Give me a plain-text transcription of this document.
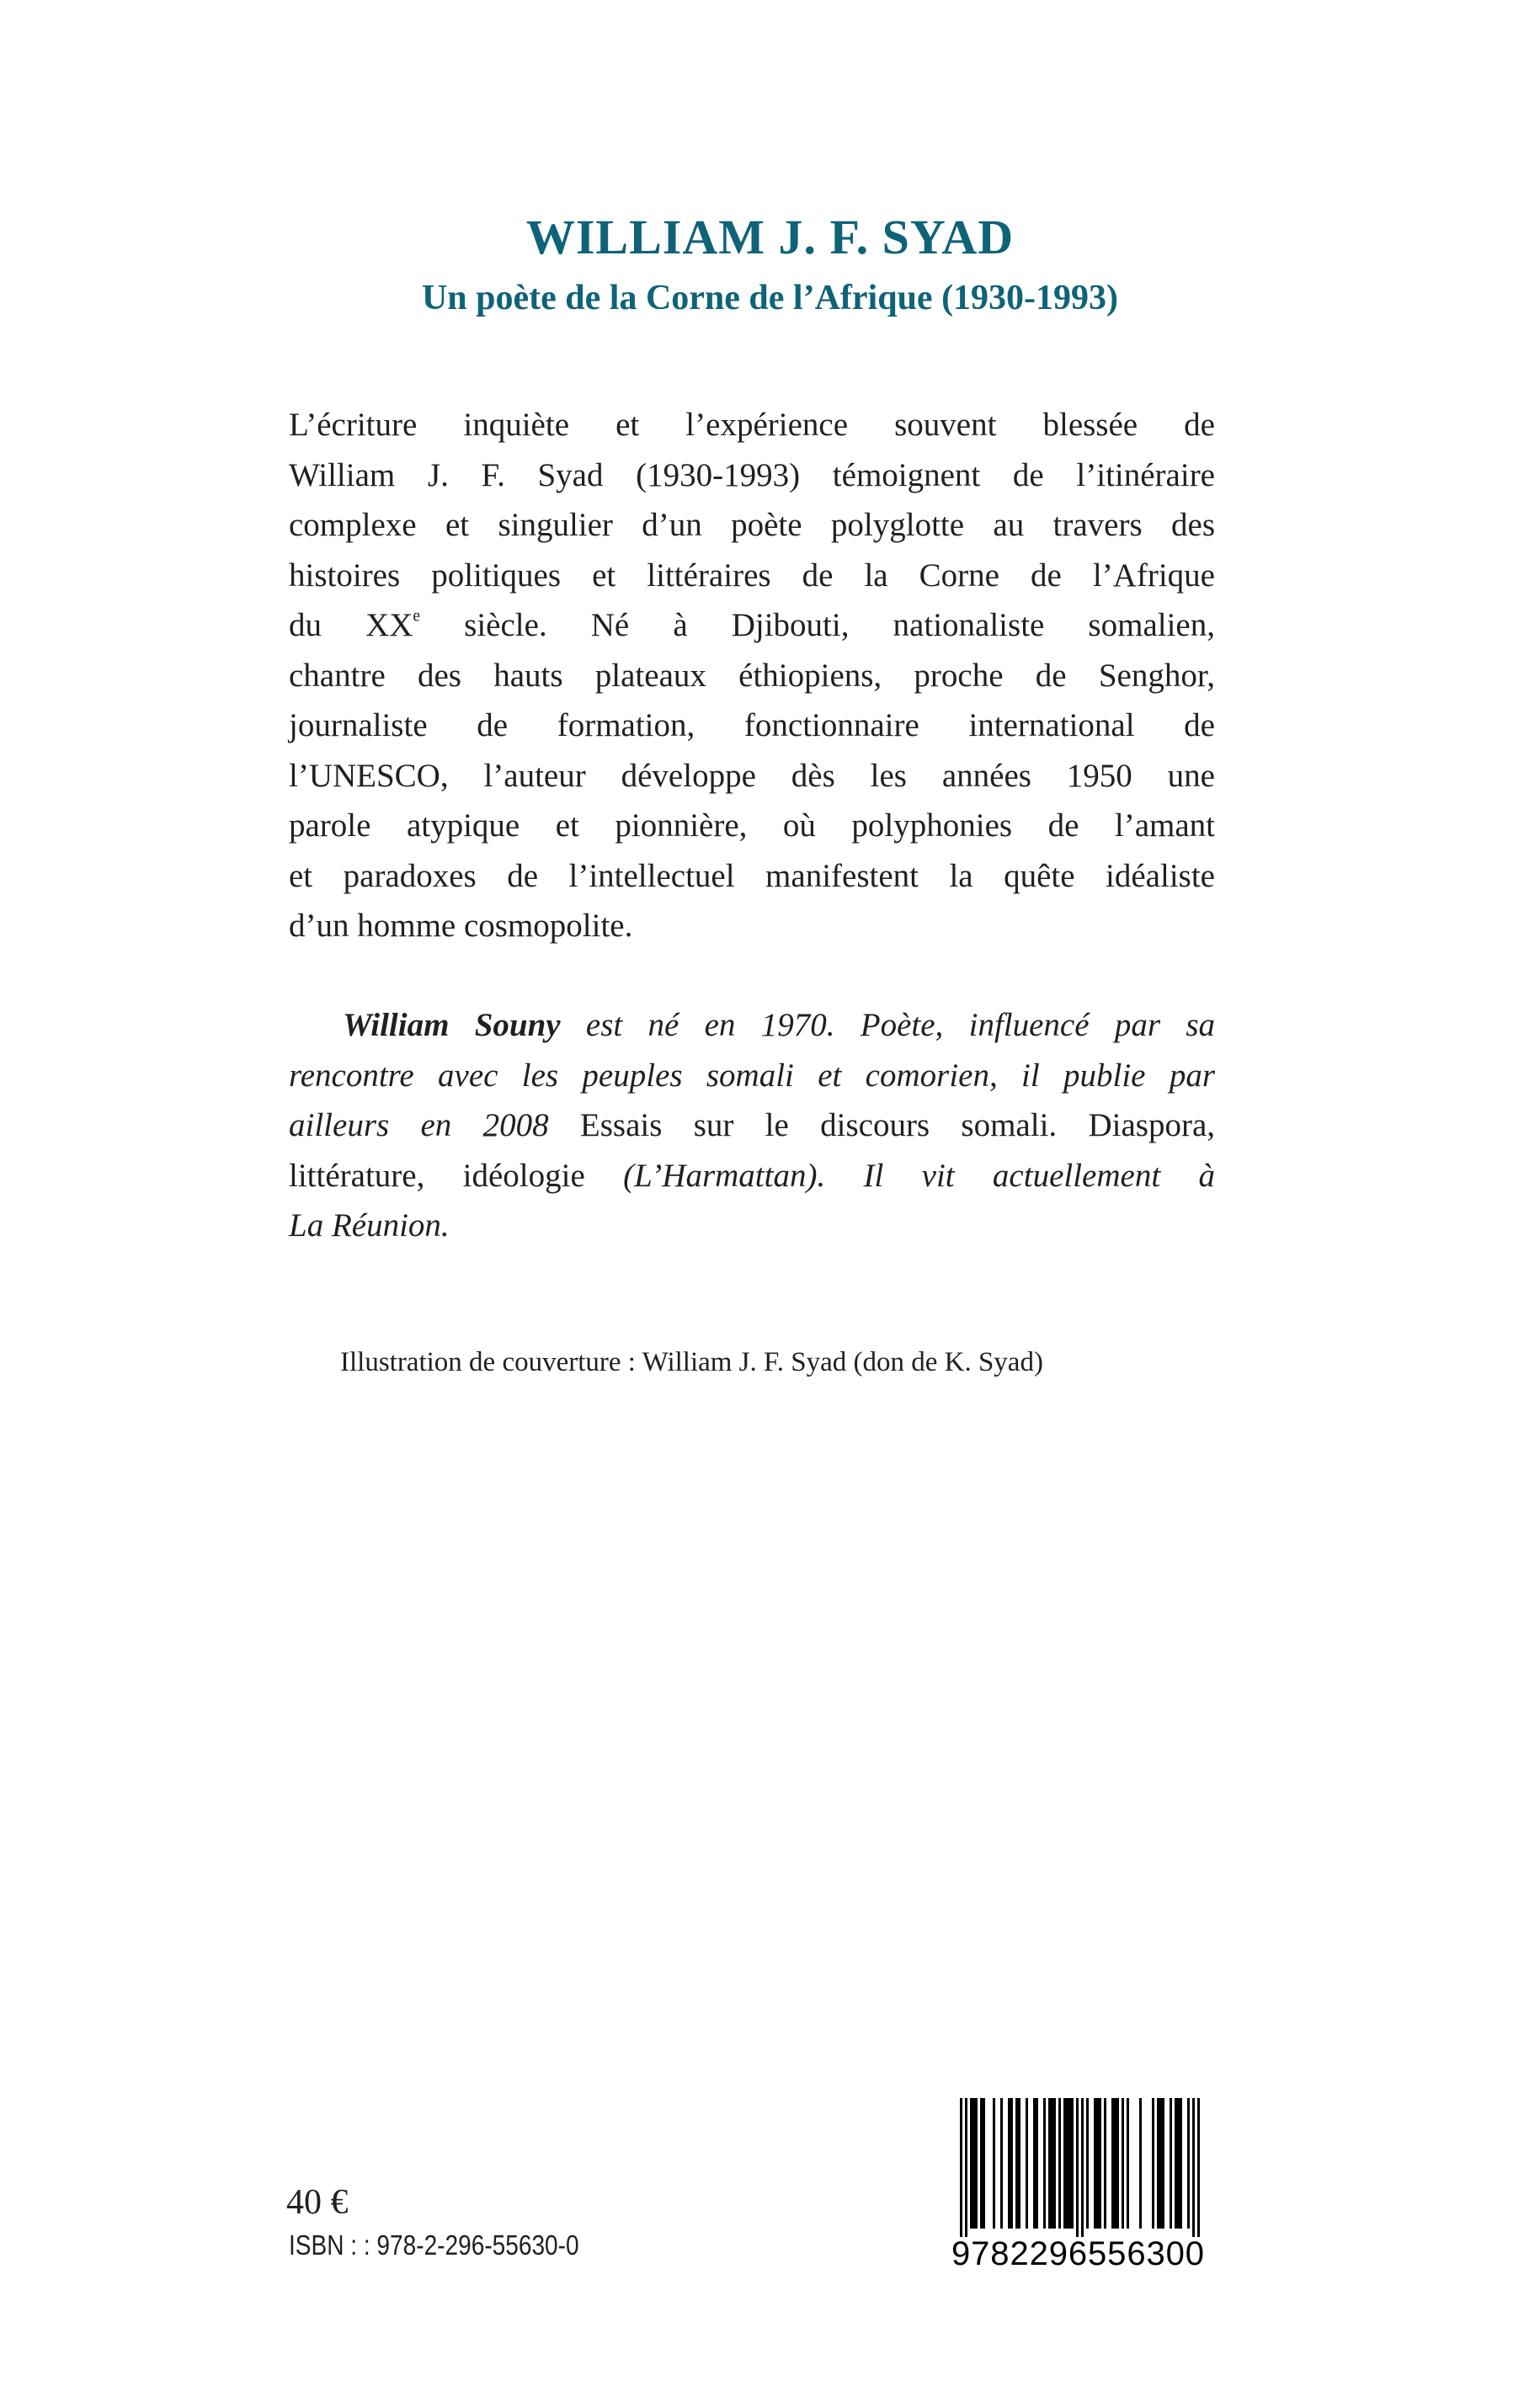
WILLIAM J. F. SYAD
Un poète de la Corne de l’Afrique (1930-1993)
L’écriture inquiète et l’expérience souvent blessée de
William J. F. Syad (1930-1993) témoignent de l’itinéraire
complexe et singulier d’un poète polyglotte au travers des
histoires politiques et littéraires de la Corne de l’Afrique
du XXe siècle. Né à Djibouti, nationaliste somalien,
chantre des hauts plateaux éthiopiens, proche de Senghor,
journaliste de formation, fonctionnaire international de
l’UNESCO, l’auteur développe dès les années 1950 une
parole atypique et pionnière, où polyphonies de l’amant
et paradoxes de l’intellectuel manifestent la quête idéaliste
d’un homme cosmopolite.
William Souny est né en 1970. Poète, influencé par sa
rencontre avec les peuples somali et comorien, il publie par
ailleurs en 2008 Essais sur le discours somali. Diaspora,
littérature, idéologie (L’Harmattan). Il vit actuellement à
La Réunion.
Illustration de couverture : William J. F. Syad (don de K. Syad)
40 €
ISBN : : 978-2-296-55630-0	9782296556300
